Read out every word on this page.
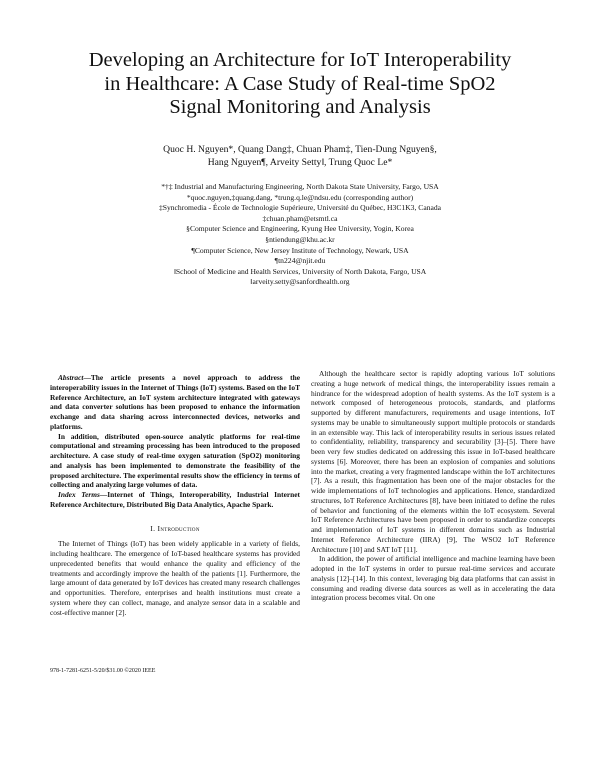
Developing an Architecture for IoT Interoperability
in Healthcare: A Case Study of Real-time SpO2
Signal Monitoring and Analysis
Quoc H. Nguyen*, Quang Dang‡, Chuan Pham‡, Tien-Dung Nguyen§,
Hang Nguyen¶, Arveity Setty‖, Trung Quoc Le*
*†‡ Industrial and Manufacturing Engineering, North Dakota State University, Fargo, USA
*quoc.nguyen,‡quang.dang, *trung.q.le@ndsu.edu (corresponding author)
‡Synchromedia - École de Technologie Supérieure, Université du Québec, H3C1K3, Canada
‡chuan.pham@etsmtl.ca
§Computer Science and Engineering, Kyung Hee University, Yogin, Korea
§ntiendung@khu.ac.kr
¶Computer Science, New Jersey Institute of Technology, Newark, USA
¶tn224@njit.edu
‖School of Medicine and Health Services, University of North Dakota, Fargo, USA
‖arveity.setty@sanfordhealth.org

Abstract—The article presents a novel approach to address the interoperability issues in the Internet of Things (IoT) systems. Based on the IoT Reference Architecture, an IoT system architecture integrated with gateways and data converter solutions has been proposed to enhance the information exchange and data sharing across interconnected devices, networks and platforms.

In addition, distributed open-source analytic platforms for real-time computational and streaming processing has been introduced to the proposed architecture. A case study of real-time oxygen saturation (SpO2) monitoring and analysis has been implemented to demonstrate the feasibility of the proposed architecture. The experimental results show the efficiency in terms of collecting and analyzing large volumes of data.

Index Terms—Internet of Things, Interoperability, Industrial Internet Reference Architecture, Distributed Big Data Analytics, Apache Spark.

I. Introduction

The Internet of Things (IoT) has been widely applicable in a variety of fields, including healthcare. The emergence of IoT-based healthcare systems has provided unprecedented benefits that would enhance the quality and efficiency of the treatments and accordingly improve the health of the patients [1]. Furthermore, the large amount of data generated by IoT devices has created many research challenges and opportunities. Therefore, enterprises and health institutions must create a system where they can collect, manage, and analyze sensor data in a scalable and cost-effective manner [2].

Although the healthcare sector is rapidly adopting various IoT solutions creating a huge network of medical things, the interoperability issues remain a hindrance for the widespread adoption of health systems. As the IoT system is a network composed of heterogeneous protocols, standards, and platforms supported by different manufacturers, requirements and usage intentions, IoT systems may be unable to simultaneously support multiple protocols or standards in an extensible way. This lack of interoperability results in serious issues related to confidentiality, reliability, transparency and securability [3]–[5]. There have been very few studies dedicated on addressing this issue in IoT-based healthcare systems [6]. Moreover, there has been an explosion of companies and solutions into the market, creating a very fragmented landscape within the IoT architectures [7]. As a result, this fragmentation has been one of the major obstacles for the wide implementations of IoT technologies and applications. Hence, standardized structures, IoT Reference Architectures [8], have been initiated to define the rules of behavior and functioning of the elements within the IoT ecosystem. Several IoT Reference Architectures have been proposed in order to standardize concepts and implementation of IoT systems in different domains such as Industrial Internet Reference Architecture (IIRA) [9], The WSO2 IoT Reference Architecture [10] and SAT IoT [11].

In addition, the power of artificial intelligence and machine learning have been adopted in the IoT systems in order to pursue real-time services and accurate analysis [12]–[14]. In this context, leveraging big data platforms that can assist in consuming and reading diverse data sources as well as in accelerating the data integration process becomes vital. On one

978-1-7281-6251-5/20/$31.00 ©2020 IEEE
